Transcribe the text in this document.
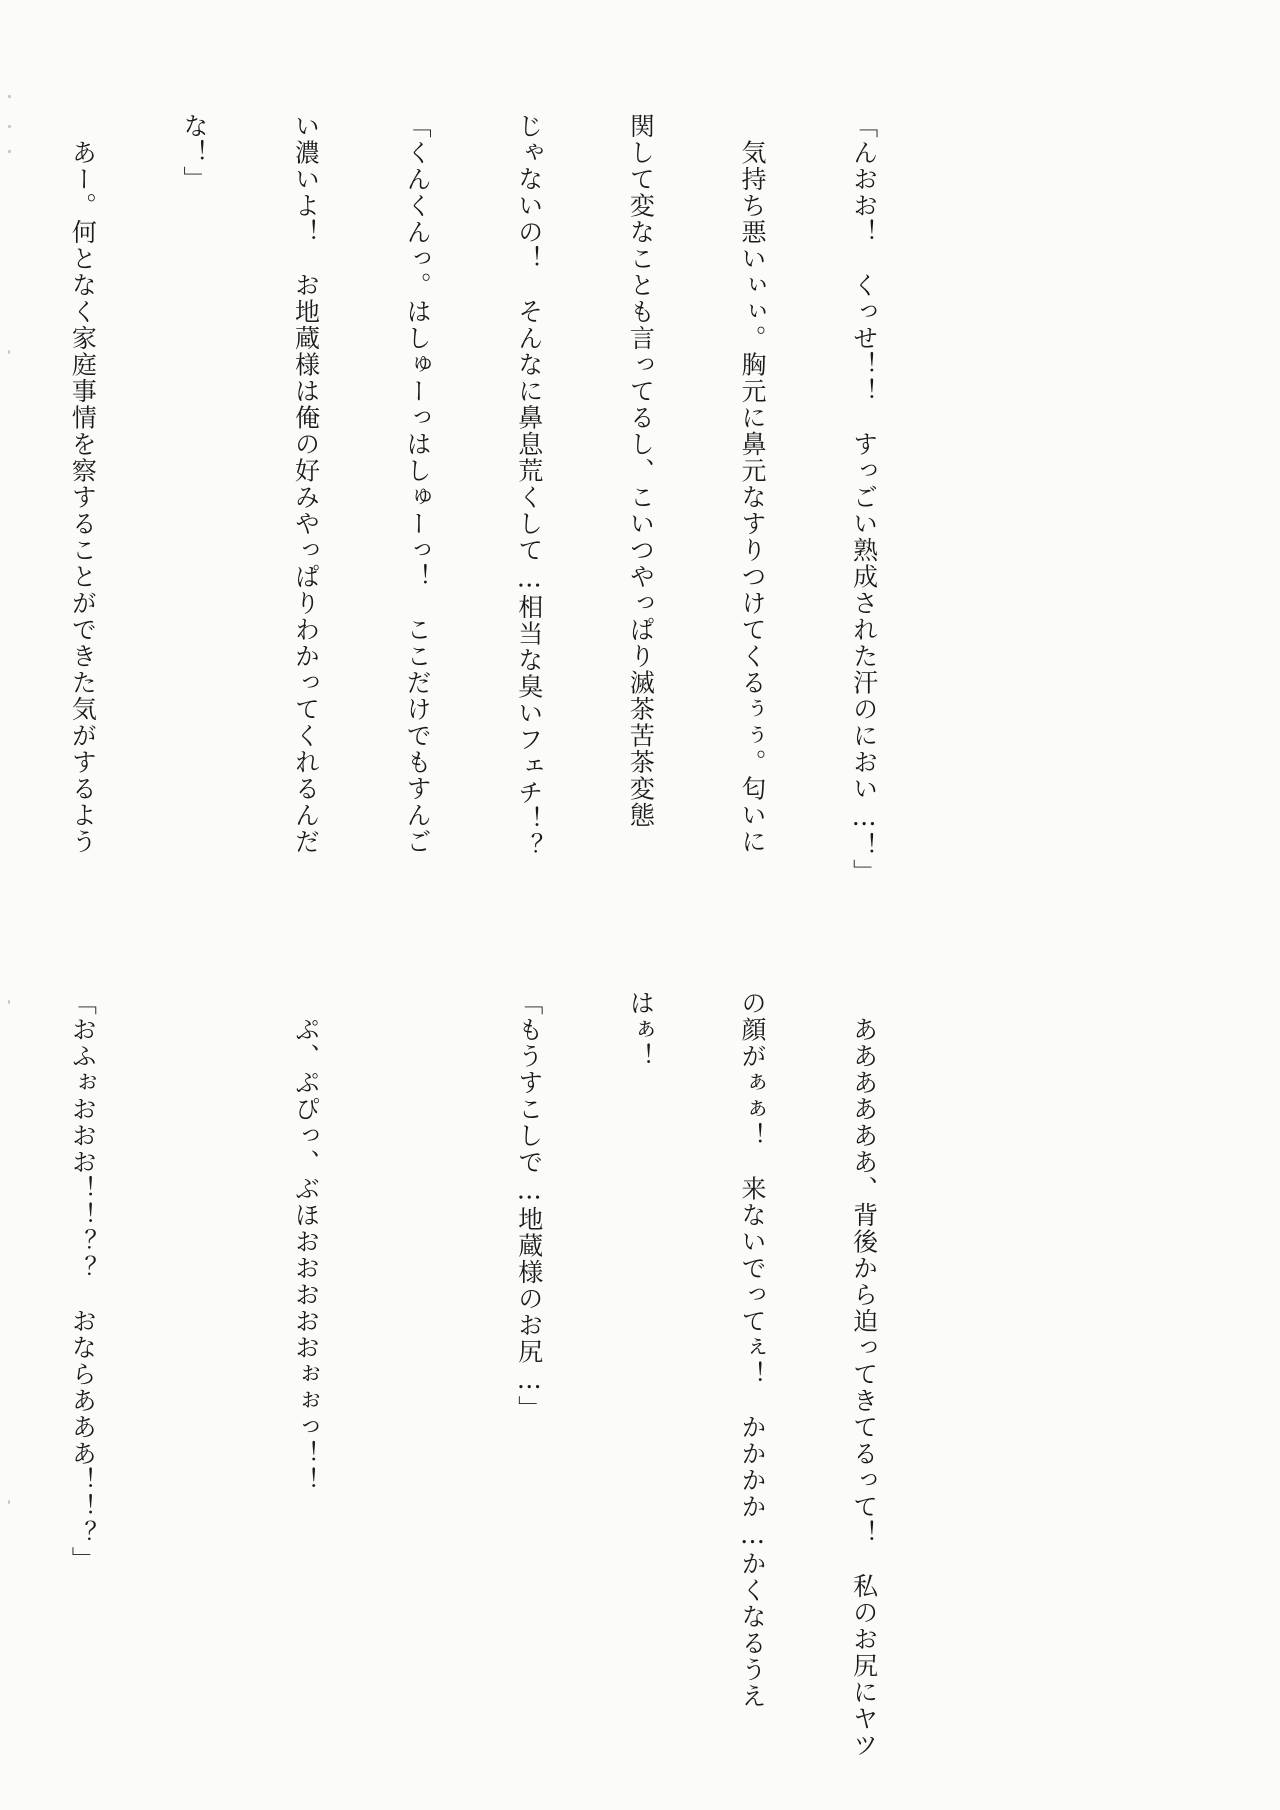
「んおお！　くっせ！！　すっごい熟成された汗のにおい…！」

　気持ち悪いぃぃ。胸元に鼻元なすりつけてくるぅぅ。匂いに

関して変なことも言ってるし、こいつやっぱり滅茶苦茶変態

じゃないの！　そんなに鼻息荒くして…相当な臭いフェチ！？

「くんくんっ。はしゅーっはしゅーっ！　ここだけでもすんご

い濃いよ！　お地蔵様は俺の好みやっぱりわかってくれるんだ

な！」

　あー。何となく家庭事情を察することができた気がするよう

　ああああああ、背後から迫ってきてるって！　私のお尻にヤツ

の顔がぁぁ！　来ないでってぇ！　かかかか…かくなるうえ

はぁ！

「もうすこしで…地蔵様のお尻…」

　ぷ、ぷぴっ、ぶほおおおおおぉぉっ！！

「おふぉおおお！！？？　おならあああ！！？」
